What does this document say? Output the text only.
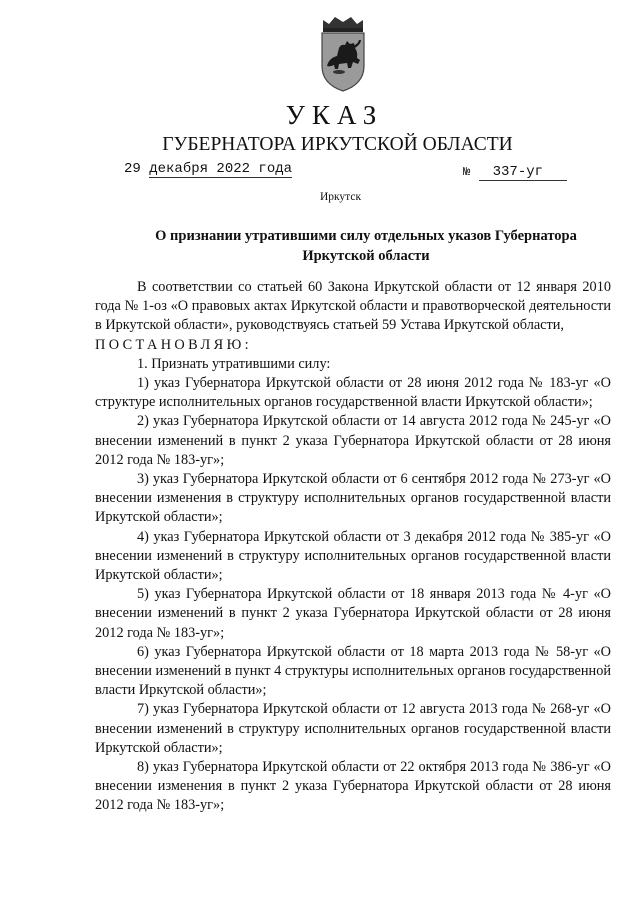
УКАЗ
ГУБЕРНАТОРА ИРКУТСКОЙ ОБЛАСТИ
29 декабря 2022 года	№ 337-уг
Иркутск
О признании утратившими силу отдельных указов Губернатора Иркутской области

В соответствии со статьей 60 Закона Иркутской области от 12 января 2010 года № 1-оз «О правовых актах Иркутской области и правотворческой деятельности в Иркутской области», руководствуясь статьей 59 Устава Иркутской области,

ПОСТАНОВЛЯЮ:

1. Признать утратившими силу:

1) указ Губернатора Иркутской области от 28 июня 2012 года № 183-уг «О структуре исполнительных органов государственной власти Иркутской области»;

2) указ Губернатора Иркутской области от 14 августа 2012 года № 245-уг «О внесении изменений в пункт 2 указа Губернатора Иркутской области от 28 июня 2012 года № 183-уг»;

3) указ Губернатора Иркутской области от 6 сентября 2012 года № 273-уг «О внесении изменения в структуру исполнительных органов государственной власти Иркутской области»;

4) указ Губернатора Иркутской области от 3 декабря 2012 года № 385-уг «О внесении изменений в структуру исполнительных органов государственной власти Иркутской области»;

5) указ Губернатора Иркутской области от 18 января 2013 года № 4-уг «О внесении изменений в пункт 2 указа Губернатора Иркутской области от 28 июня 2012 года № 183-уг»;

6) указ Губернатора Иркутской области от 18 марта 2013 года № 58-уг «О внесении изменений в пункт 4 структуры исполнительных органов государственной власти Иркутской области»;

7) указ Губернатора Иркутской области от 12 августа 2013 года № 268-уг «О внесении изменений в структуру исполнительных органов государственной власти Иркутской области»;

8) указ Губернатора Иркутской области от 22 октября 2013 года № 386-уг «О внесении изменения в пункт 2 указа Губернатора Иркутской области от 28 июня 2012 года № 183-уг»;
